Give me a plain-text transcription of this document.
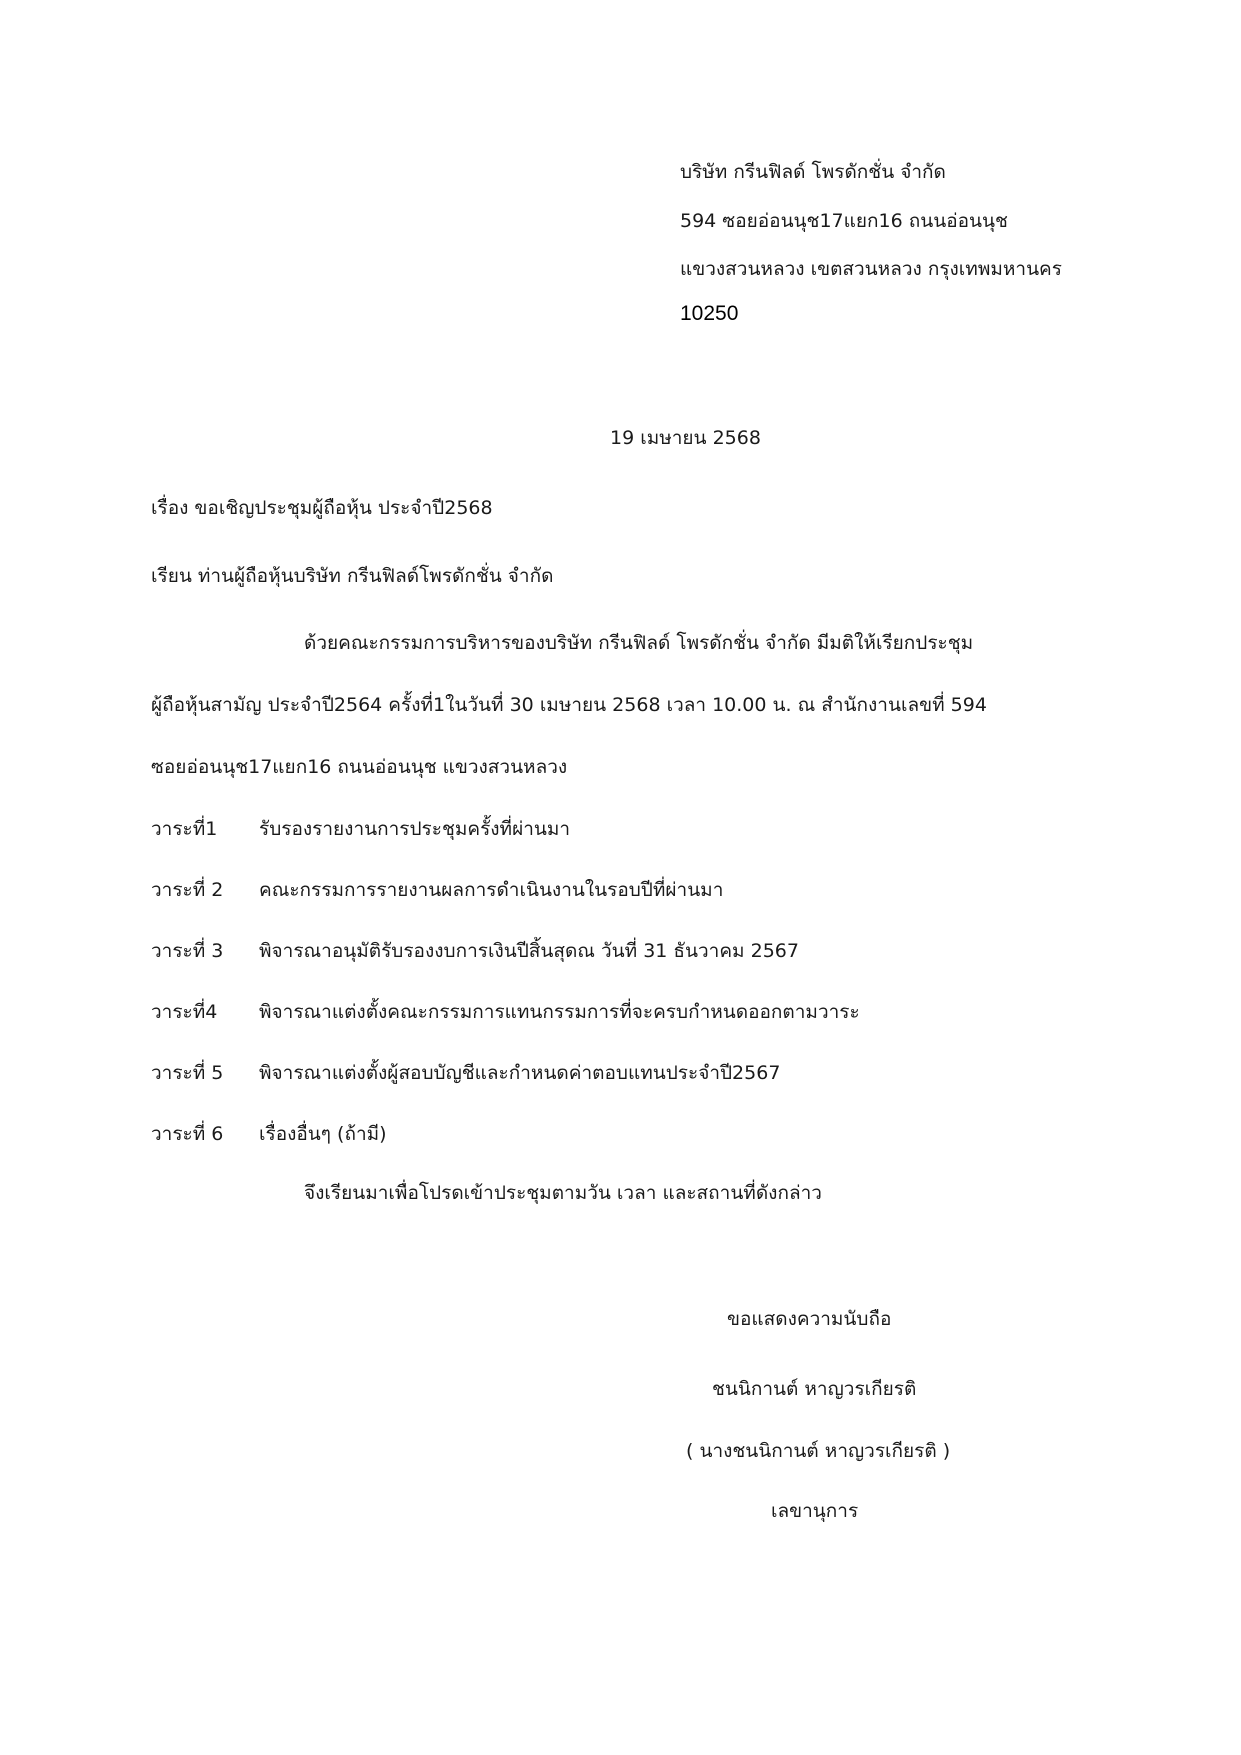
บริษัท กรีนฟิลด์ โพรดักชั่น จำกัด
594 ซอยอ่อนนุช17แยก16 ถนนอ่อนนุช
แขวงสวนหลวง เขตสวนหลวง กรุงเทพมหานคร
10250
19 เมษายน 2568
เรื่อง ขอเชิญประชุมผู้ถือหุ้น ประจำปี2568
เรียน ท่านผู้ถือหุ้นบริษัท กรีนฟิลด์โพรดักชั่น จำกัด
ด้วยคณะกรรมการบริหารของบริษัท กรีนฟิลด์ โพรดักชั่น จำกัด มีมติให้เรียกประชุม
ผู้ถือหุ้นสามัญ ประจำปี2564 ครั้งที่1ในวันที่ 30 เมษายน 2568 เวลา 10.00 น. ณ สำนักงานเลขที่ 594
ซอยอ่อนนุช17แยก16 ถนนอ่อนนุช แขวงสวนหลวง
วาระที่1 รับรองรายงานการประชุมครั้งที่ผ่านมา
วาระที่ 2 คณะกรรมการรายงานผลการดำเนินงานในรอบปีที่ผ่านมา
วาระที่ 3 พิจารณาอนุมัติรับรองงบการเงินปีสิ้นสุดณ วันที่ 31 ธันวาคม 2567
วาระที่4 พิจารณาแต่งตั้งคณะกรรมการแทนกรรมการที่จะครบกำหนดออกตามวาระ
วาระที่ 5 พิจารณาแต่งตั้งผู้สอบบัญชีและกำหนดค่าตอบแทนประจำปี2567
วาระที่ 6 เรื่องอื่นๆ (ถ้ามี)
จึงเรียนมาเพื่อโปรดเข้าประชุมตามวัน เวลา และสถานที่ดังกล่าว
ขอแสดงความนับถือ
ชนนิกานต์ หาญวรเกียรติ
( นางชนนิกานต์ หาญวรเกียรติ )
เลขานุการ
